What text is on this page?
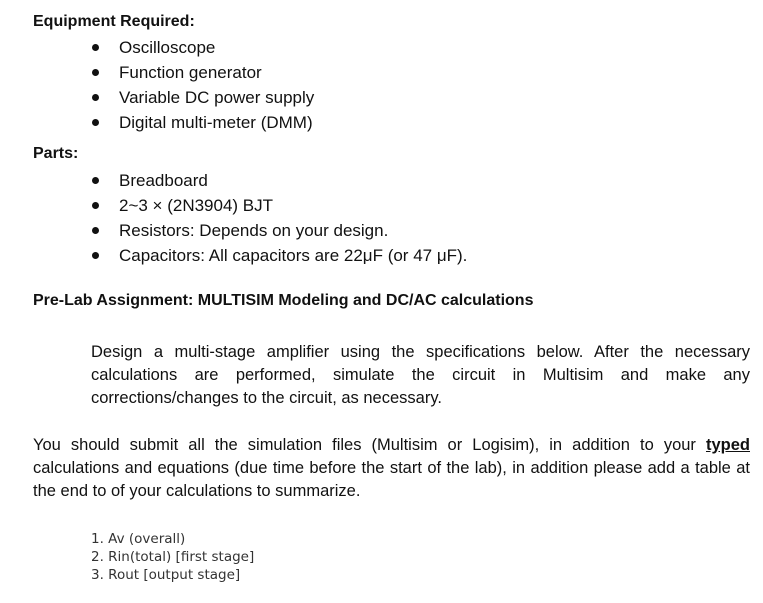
Equipment Required:
Oscilloscope
Function generator
Variable DC power supply
Digital multi-meter (DMM)
Parts:
Breadboard
2~3 × (2N3904) BJT
Resistors: Depends on your design.
Capacitors: All capacitors are 22μF (or 47 μF).
Pre-Lab Assignment: MULTISIM Modeling and DC/AC calculations

Design a multi-stage amplifier using the specifications below. After the necessary calculations are performed, simulate the circuit in Multisim and make any corrections/changes to the circuit, as necessary.

You should submit all the simulation files (Multisim or Logisim), in addition to your typed calculations and equations (due time before the start of the lab), in addition please add a table at the end to of your calculations to summarize.

1. Av (overall)
2. Rin(total) [first stage]
3. Rout [output stage]
